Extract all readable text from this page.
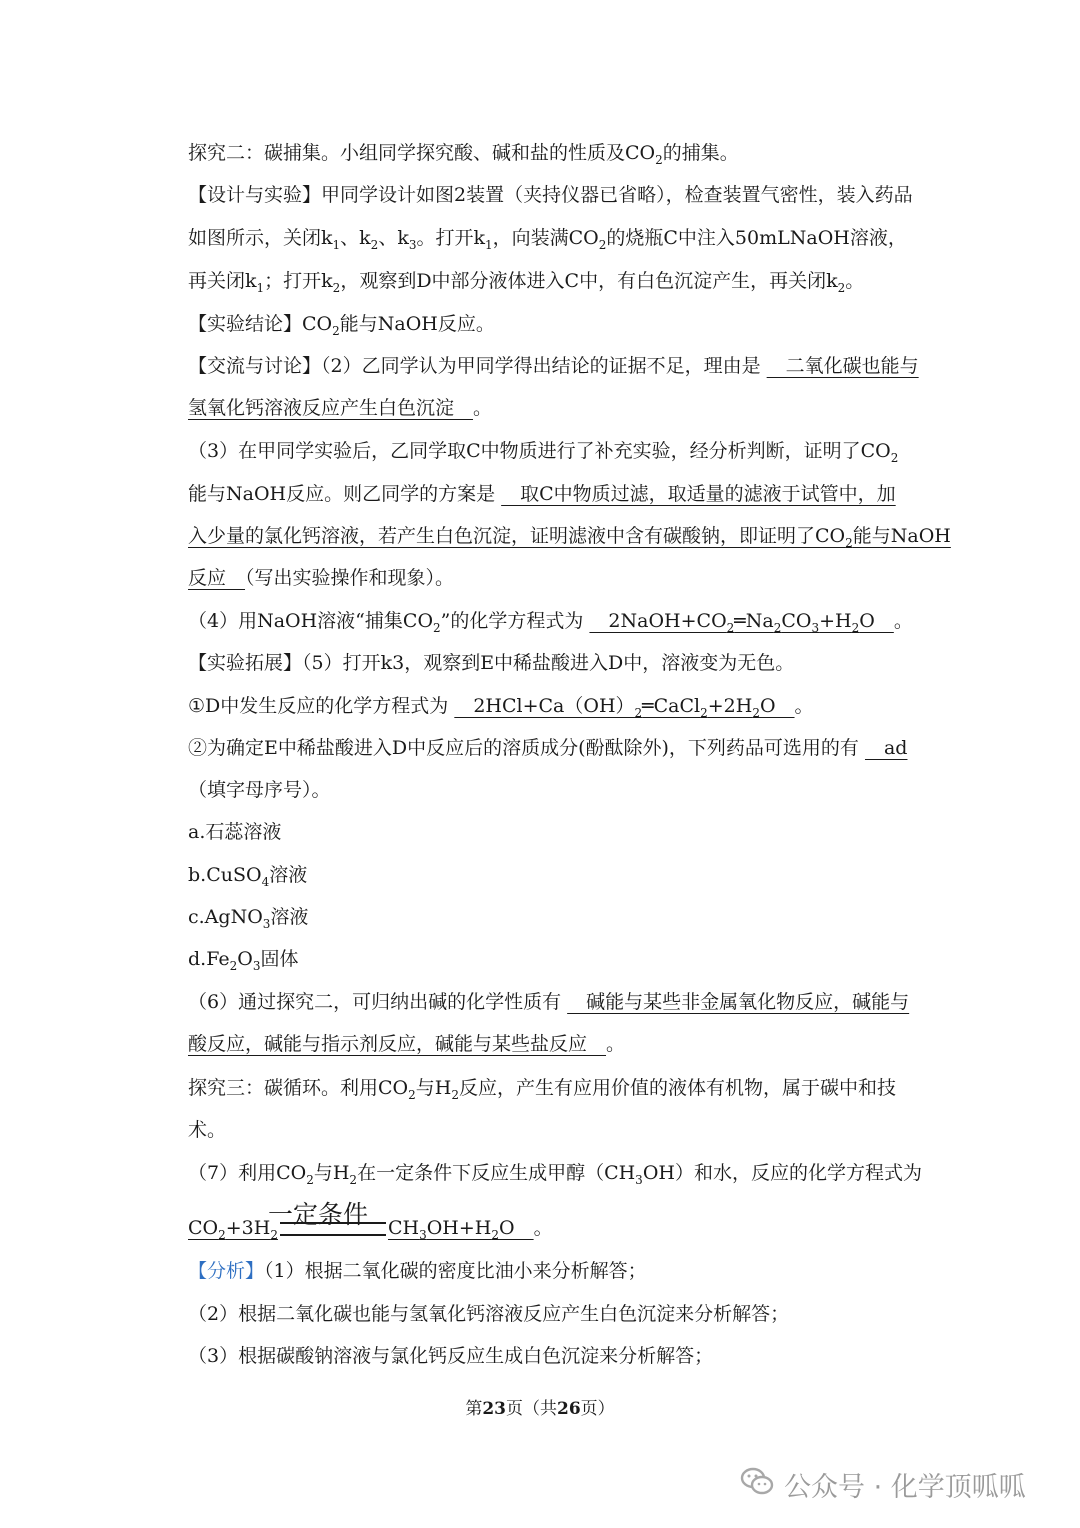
探究二：碳捕集。小组同学探究酸、碱和盐的性质及$CO_2$的捕集。
【设计与实验】甲同学设计如图2装置（夹持仪器已省略），检查装置气密性，装入药品
如图所示，关闭$k_1$、$k_2$、$k_3$。打开$k_1$，向装满$CO_2$的烧瓶C中注入50mLNaOH溶液，
再关闭$k_1$；打开$k_2$，观察到D中部分液体进入C中，有白色沉淀产生，再关闭$k_2$。
【实验结论】$CO_2$能与NaOH反应。
【交流与讨论】（2）乙同学认为甲同学得出结论的证据不足，理由是 　二氧化碳也能与
氢氧化钙溶液反应产生白色沉淀　。
（3）在甲同学实验后，乙同学取C中物质进行了补充实验，经分析判断，证明了$CO_2$
能与NaOH反应。则乙同学的方案是 　取C中物质过滤，取适量的滤液于试管中，加
入少量的氯化钙溶液，若产生白色沉淀，证明滤液中含有碳酸钠，即证明了$CO_2$能与NaOH
反应　（写出实验操作和现象）。
（4）用NaOH溶液“捕集$CO_2$”的化学方程式为 　$2NaOH+CO_2═Na_2CO_3+H_2O$　。
【实验拓展】（5）打开k3，观察到E中稀盐酸进入D中，溶液变为无色。
①D中发生反应的化学方程式为 　$2HCl+Ca(OH)_2═CaCl_2+2H_2O$　。
②为确定E中稀盐酸进入D中反应后的溶质成分(酚酞除外)，下列药品可选用的有 　ad
（填字母序号）。
a.石蕊溶液
b.CuSO$_4$溶液
c.AgNO$_3$溶液
$d.Fe_2O_3$固体
（6）通过探究二，可归纳出碱的化学性质有 　碱能与某些非金属氧化物反应，碱能与
酸反应，碱能与指示剂反应，碱能与某些盐反应　。
探究三：碳循环。利用$CO_2$与$H_2$反应，产生有应用价值的液体有机物，属于碳中和技
术。
（7）利用$CO_2$与$H_2$在一定条件下反应生成甲醇$(CH_3OH)$和水，反应的化学方程式为
一定条件
$CO_2+3H_2$	$CH_3OH+H_2O$　。
【分析】（1）根据二氧化碳的密度比油小来分析解答；
（2）根据二氧化碳也能与氢氧化钙溶液反应产生白色沉淀来分析解答；
（3）根据碳酸钠溶液与氯化钙反应生成白色沉淀来分析解答；
第23页（共26页）
公众号 · 化学顶呱呱
